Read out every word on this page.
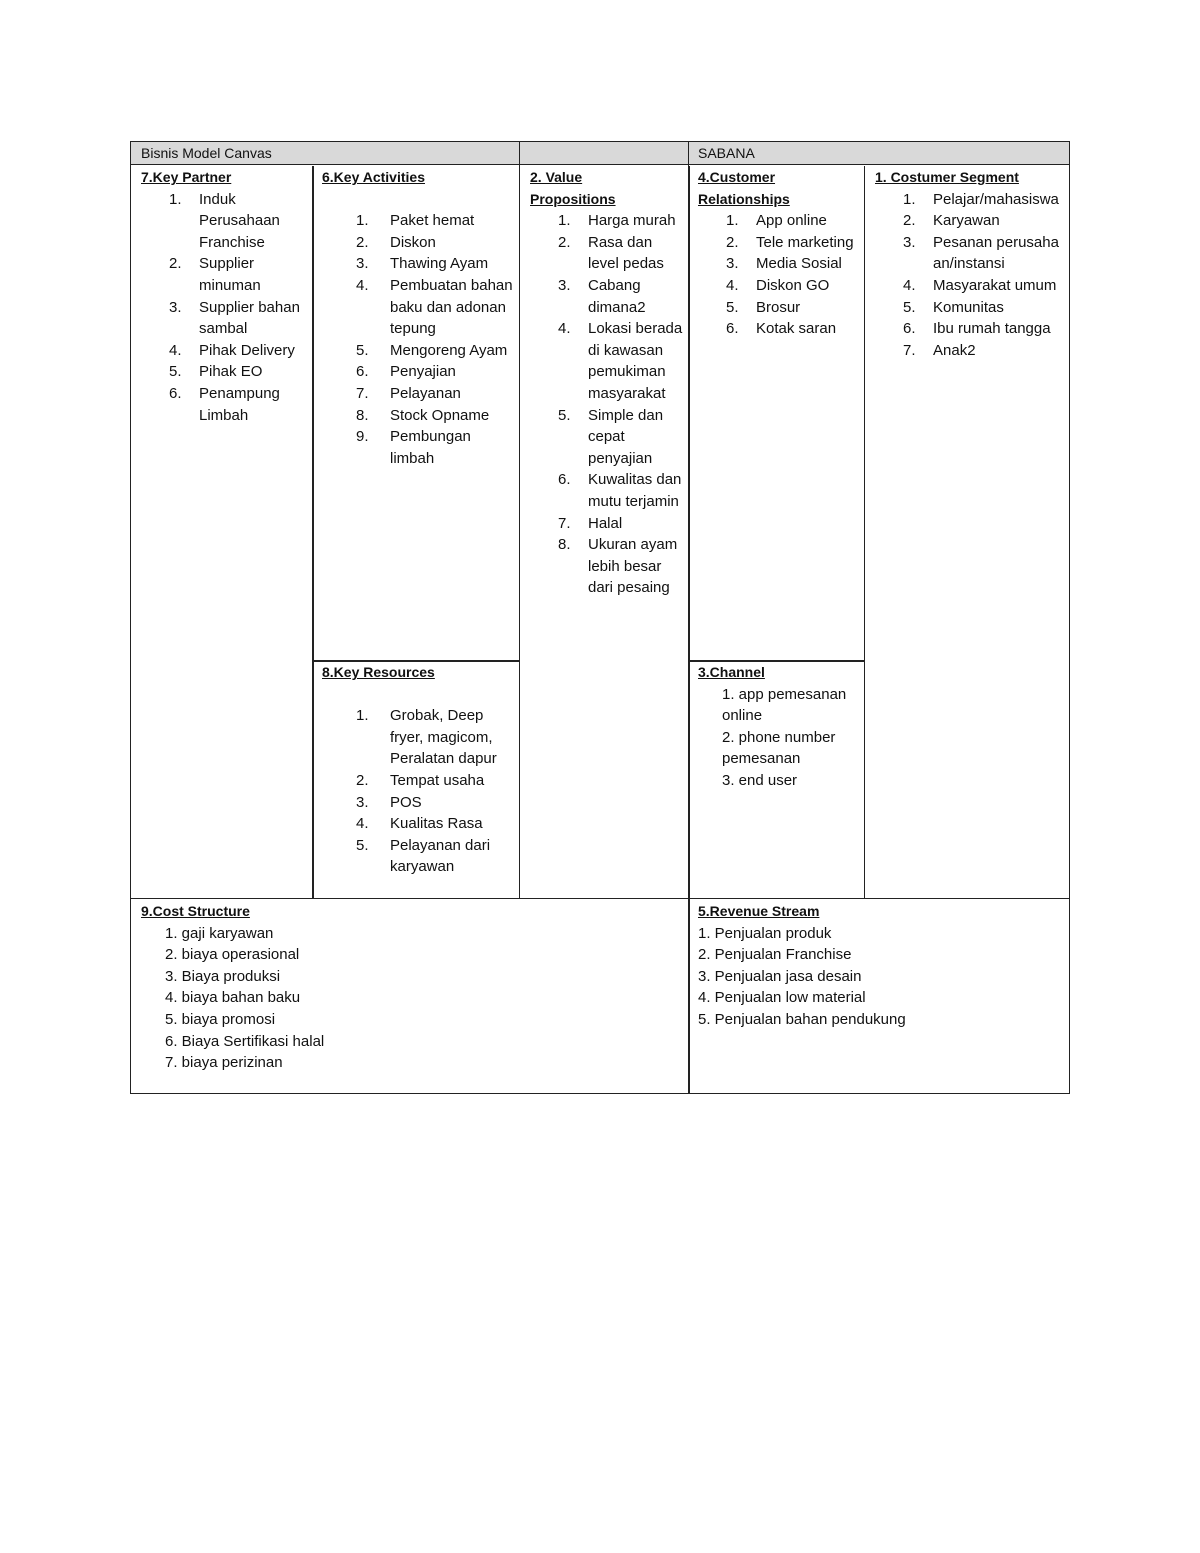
Bisnis Model Canvas	SABANA
7.Key Partner
1. Induk Perusahaan Franchise
2. Supplier minuman
3. Supplier bahan sambal
4. Pihak Delivery
5. Pihak EO
6. Penampung Limbah
6.Key Activities
1. Paket hemat
2. Diskon
3. Thawing Ayam
4. Pembuatan bahan baku dan adonan tepung
5. Mengoreng Ayam
6. Penyajian
7. Pelayanan
8. Stock Opname
9. Pembungan limbah
8.Key Resources
1. Grobak, Deep fryer, magicom, Peralatan dapur
2. Tempat usaha
3. POS
4. Kualitas Rasa
5. Pelayanan dari karyawan
2. Value Propositions
1. Harga murah
2. Rasa dan level pedas
3. Cabang dimana2
4. Lokasi berada di kawasan pemukiman masyarakat
5. Simple dan cepat penyajian
6. Kuwalitas dan mutu terjamin
7. Halal
8. Ukuran ayam lebih besar dari pesaing
4.Customer Relationships
1. App online
2. Tele marketing
3. Media Sosial
4. Diskon GO
5. Brosur
6. Kotak saran
3.Channel
1. app pemesanan online
2. phone number pemesanan
3. end user
1. Costumer Segment
1. Pelajar/mahasiswa
2. Karyawan
3. Pesanan perusahaan/instansi
4. Masyarakat umum
5. Komunitas
6. Ibu rumah tangga
7. Anak2
9.Cost Structure
1. gaji karyawan
2. biaya operasional
3. Biaya produksi
4. biaya bahan baku
5. biaya promosi
6. Biaya Sertifikasi halal
7. biaya perizinan
5.Revenue Stream
1. Penjualan produk
2. Penjualan Franchise
3. Penjualan jasa desain
4. Penjualan low material
5. Penjualan bahan pendukung
